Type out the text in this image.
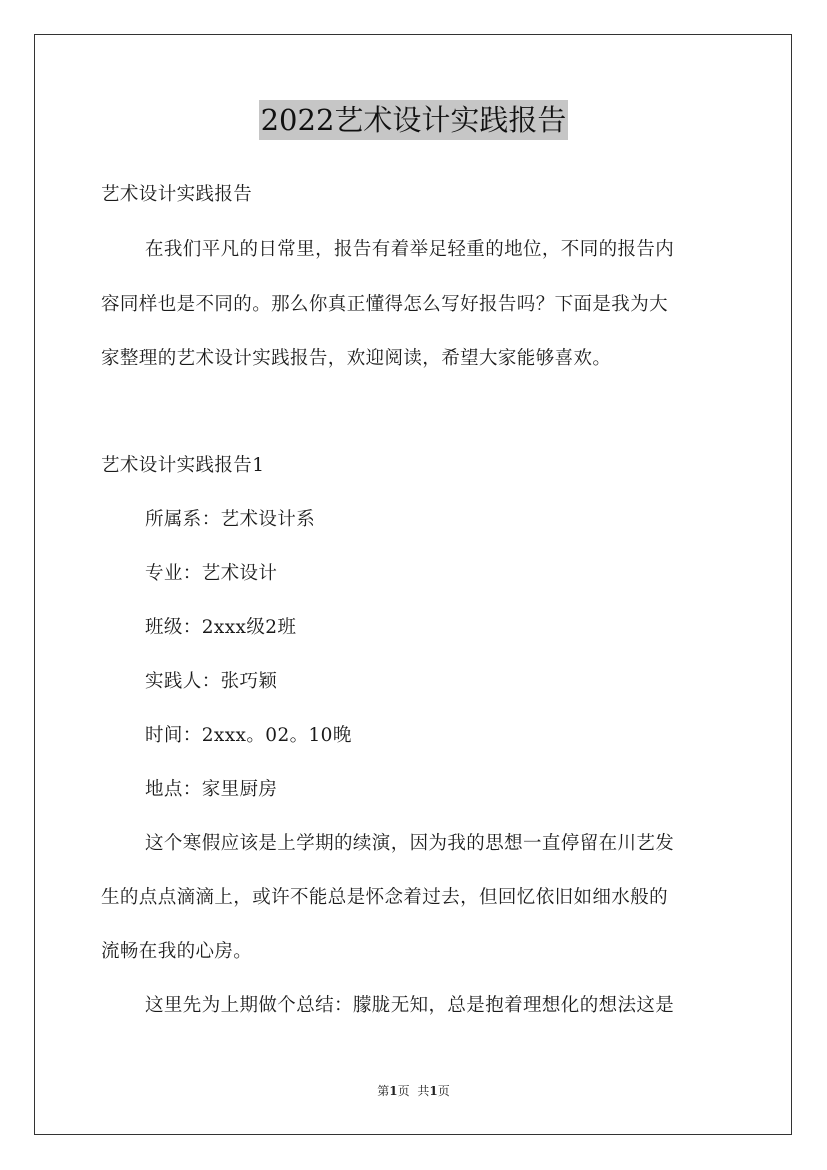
2022艺术设计实践报告
艺术设计实践报告
在我们平凡的日常里，报告有着举足轻重的地位，不同的报告内
容同样也是不同的。那么你真正懂得怎么写好报告吗？下面是我为大
家整理的艺术设计实践报告，欢迎阅读，希望大家能够喜欢。
艺术设计实践报告1
所属系：艺术设计系
专业：艺术设计
班级：2xxx级2班
实践人：张巧颖
时间：2xxx。02。10晚
地点：家里厨房
这个寒假应该是上学期的续演，因为我的思想一直停留在川艺发
生的点点滴滴上，或许不能总是怀念着过去，但回忆依旧如细水般的
流畅在我的心房。
这里先为上期做个总结：朦胧无知，总是抱着理想化的想法这是
第1页 共1页
